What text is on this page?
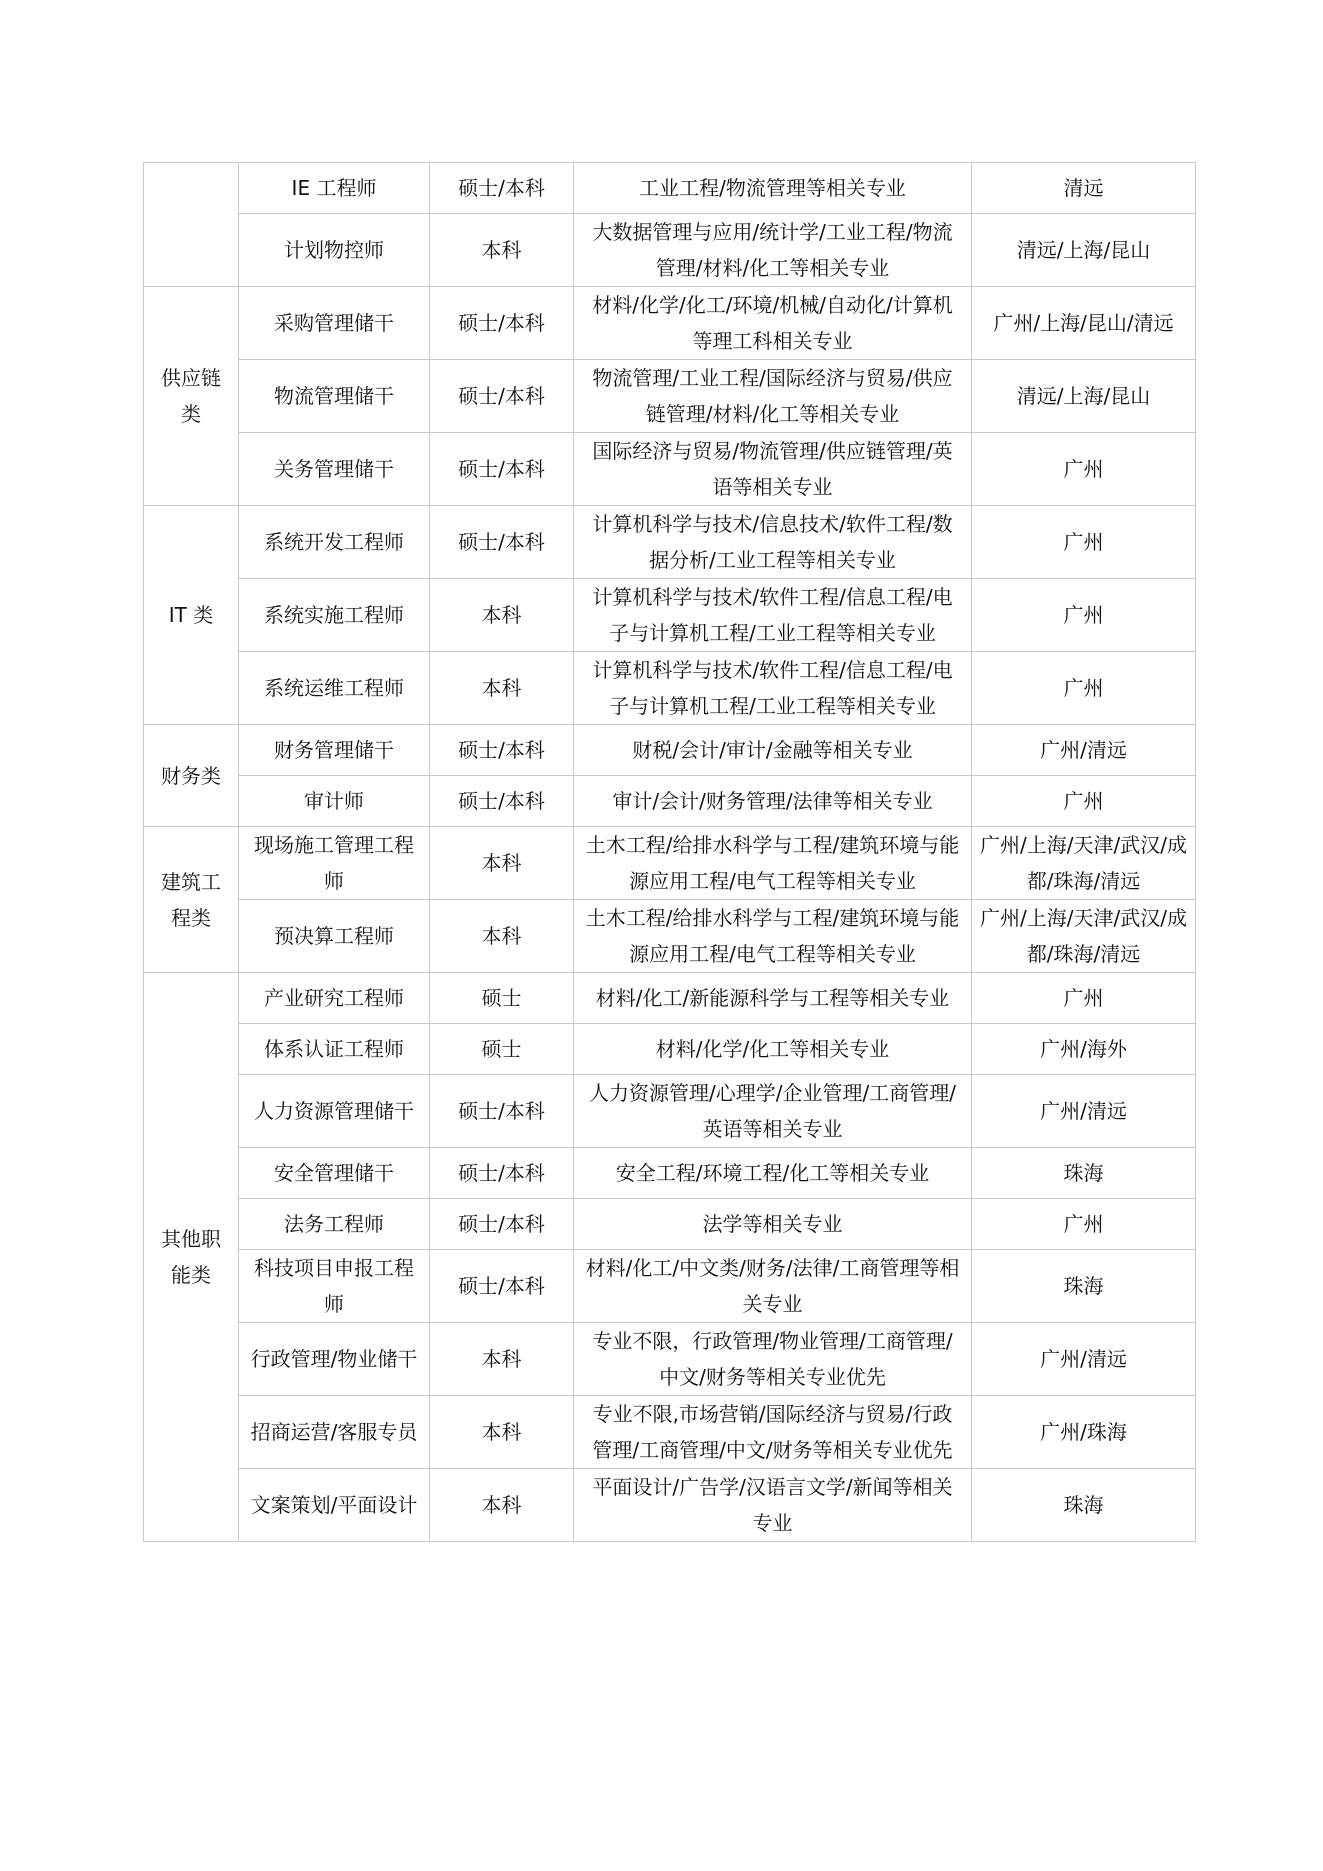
	IE 工程师	硕士/本科	工业工程/物流管理等相关专业	清远
	计划物控师	本科	大数据管理与应用/统计学/工业工程/物流管理/材料/化工等相关专业	清远/上海/昆山
供应链类	采购管理储干	硕士/本科	材料/化学/化工/环境/机械/自动化/计算机等理工科相关专业	广州/上海/昆山/清远
	物流管理储干	硕士/本科	物流管理/工业工程/国际经济与贸易/供应链管理/材料/化工等相关专业	清远/上海/昆山
	关务管理储干	硕士/本科	国际经济与贸易/物流管理/供应链管理/英语等相关专业	广州
IT 类	系统开发工程师	硕士/本科	计算机科学与技术/信息技术/软件工程/数据分析/工业工程等相关专业	广州
	系统实施工程师	本科	计算机科学与技术/软件工程/信息工程/电子与计算机工程/工业工程等相关专业	广州
	系统运维工程师	本科	计算机科学与技术/软件工程/信息工程/电子与计算机工程/工业工程等相关专业	广州
财务类	财务管理储干	硕士/本科	财税/会计/审计/金融等相关专业	广州/清远
	审计师	硕士/本科	审计/会计/财务管理/法律等相关专业	广州
建筑工程类	现场施工管理工程师	本科	土木工程/给排水科学与工程/建筑环境与能源应用工程/电气工程等相关专业	广州/上海/天津/武汉/成都/珠海/清远
	预决算工程师	本科	土木工程/给排水科学与工程/建筑环境与能源应用工程/电气工程等相关专业	广州/上海/天津/武汉/成都/珠海/清远
其他职能类	产业研究工程师	硕士	材料/化工/新能源科学与工程等相关专业	广州
	体系认证工程师	硕士	材料/化学/化工等相关专业	广州/海外
	人力资源管理储干	硕士/本科	人力资源管理/心理学/企业管理/工商管理/英语等相关专业	广州/清远
	安全管理储干	硕士/本科	安全工程/环境工程/化工等相关专业	珠海
	法务工程师	硕士/本科	法学等相关专业	广州
	科技项目申报工程师	硕士/本科	材料/化工/中文类/财务/法律/工商管理等相关专业	珠海
	行政管理/物业储干	本科	专业不限，行政管理/物业管理/工商管理/中文/财务等相关专业优先	广州/清远
	招商运营/客服专员	本科	专业不限,市场营销/国际经济与贸易/行政管理/工商管理/中文/财务等相关专业优先	广州/珠海
	文案策划/平面设计	本科	平面设计/广告学/汉语言文学/新闻等相关专业	珠海
